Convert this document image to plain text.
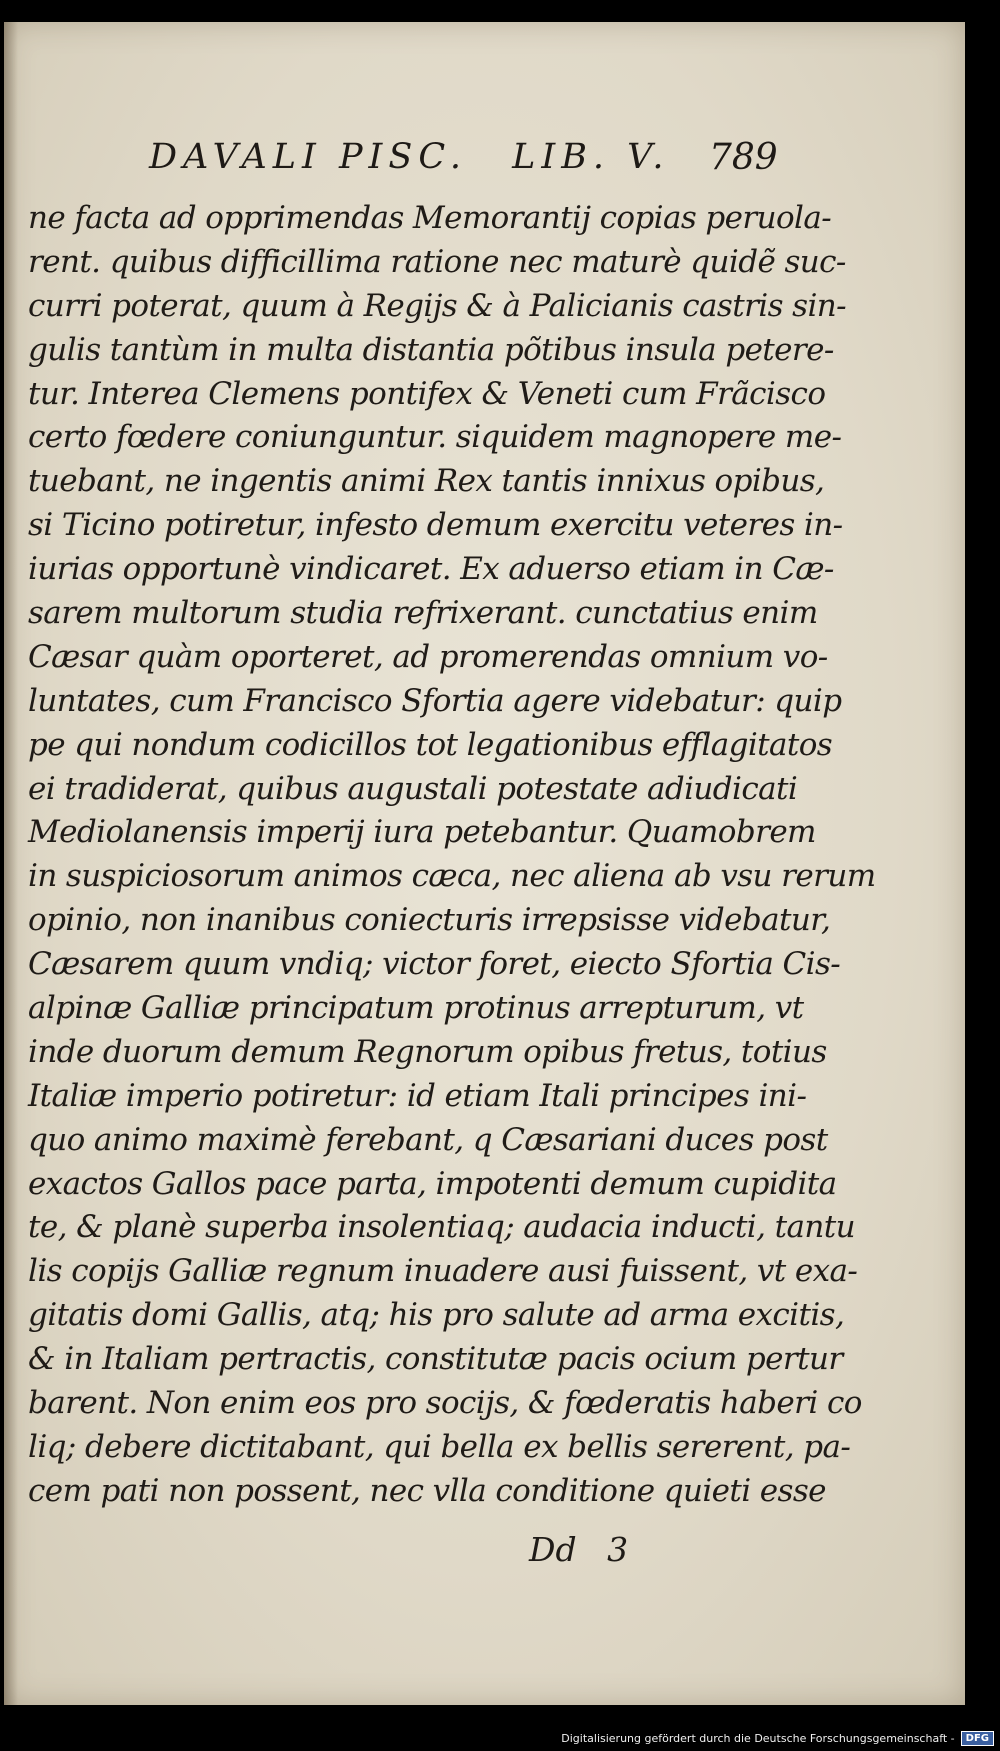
DAVALI PISC. LIB. V. 789
ne facta ad opprimendas Memorantij copias peruola-
rent. quibus difficillima ratione nec maturè quidẽ suc-
curri poterat, quum à Regijs & à Palicianis castris sin-
gulis tantùm in multa distantia põtibus insula petere-
tur. Interea Clemens pontifex & Veneti cum Frãcisco
certo fœdere coniunguntur. siquidem magnopere me-
tuebant, ne ingentis animi Rex tantis innixus opibus,
si Ticino potiretur, infesto demum exercitu veteres in-
iurias opportunè vindicaret. Ex aduerso etiam in Cæ-
sarem multorum studia refrixerant. cunctatius enim
Cæsar quàm oporteret, ad promerendas omnium vo-
luntates, cum Francisco Sfortia agere videbatur: quip
pe qui nondum codicillos tot legationibus efflagitatos
ei tradiderat, quibus augustali potestate adiudicati
Mediolanensis imperij iura petebantur. Quamobrem
in suspiciosorum animos cæca, nec aliena ab vsu rerum
opinio, non inanibus coniecturis irrepsisse videbatur,
Cæsarem quum vndiq; victor foret, eiecto Sfortia Cis-
alpinæ Galliæ principatum protinus arrepturum, vt
inde duorum demum Regnorum opibus fretus, totius
Italiæ imperio potiretur: id etiam Itali principes ini-
quo animo maximè ferebant, q Cæsariani duces post
exactos Gallos pace parta, impotenti demum cupidita
te, & planè superba insolentiaq; audacia inducti, tantu
lis copijs Galliæ regnum inuadere ausi fuissent, vt exa-
gitatis domi Gallis, atq; his pro salute ad arma excitis,
& in Italiam pertractis, constitutæ pacis ocium pertur
barent. Non enim eos pro socijs, & fœderatis haberi co
liq; debere dictitabant, qui bella ex bellis sererent, pa-
cem pati non possent, nec vlla conditione quieti esse
Dd 3
Digitalisierung gefördert durch die Deutsche Forschungsgemeinschaft -	DFG
